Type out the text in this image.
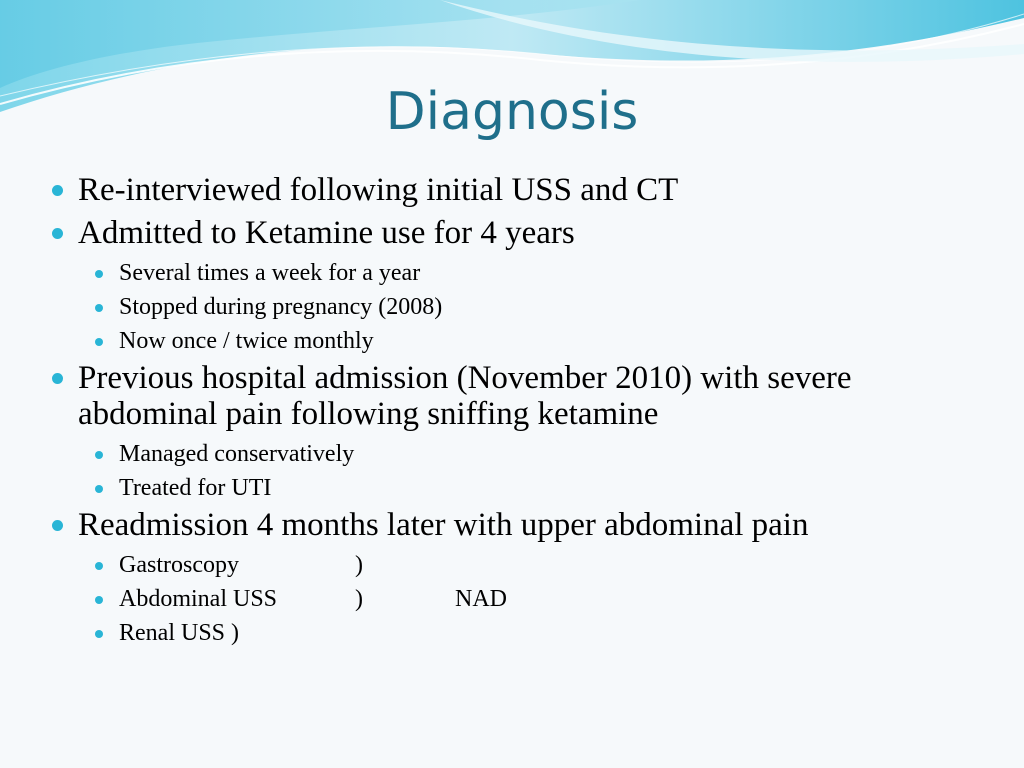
Diagnosis
Re-interviewed following initial USS and CT
Admitted to Ketamine use for 4 years
Several times a week for a year
Stopped during pregnancy (2008)
Now once / twice monthly
Previous hospital admission (November 2010) with severe abdominal pain following sniffing ketamine
Managed conservatively
Treated for UTI
Readmission 4 months later with upper abdominal pain
Gastroscopy	)
Abdominal USS	)	NAD
Renal USS )
